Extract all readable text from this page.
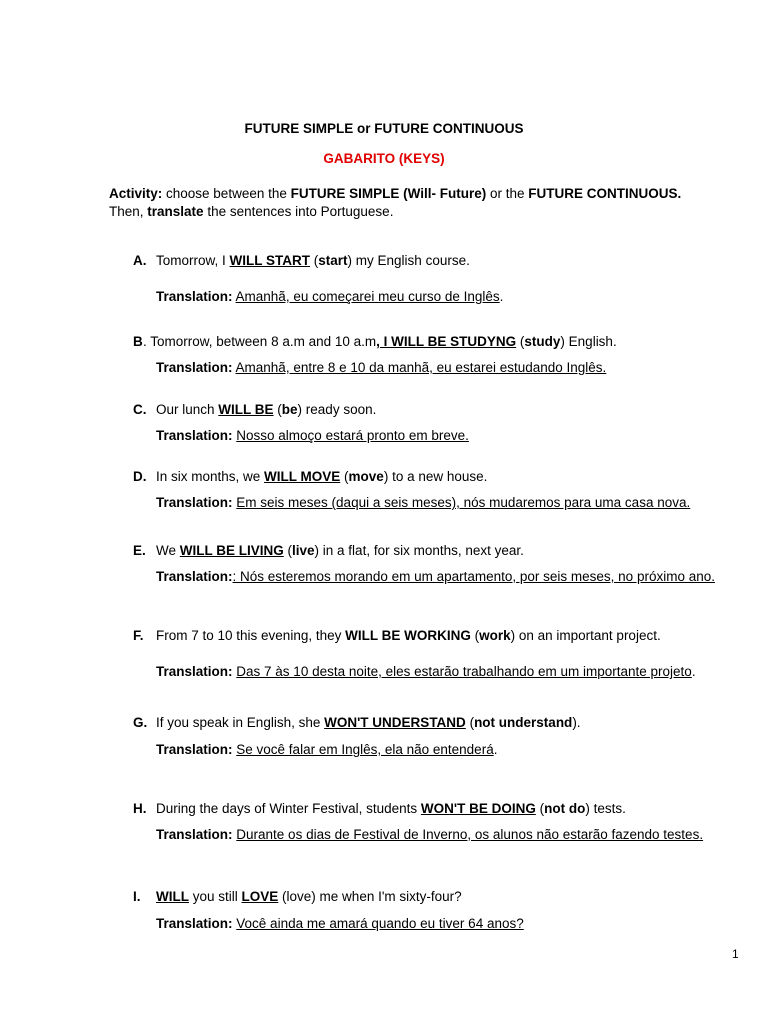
FUTURE SIMPLE or FUTURE CONTINUOUS
GABARITO (KEYS)
Activity: choose between the FUTURE SIMPLE (Will- Future) or the FUTURE CONTINUOUS.
Then, translate the sentences into Portuguese.
A. Tomorrow, I WILL START (start) my English course.
Translation: Amanhã, eu começarei meu curso de Inglês.
B . Tomorrow, between 8 a.m and 10 a.m, I WILL BE STUDYNG (study) English.
Translation: Amanhã, entre 8 e 10 da manhã, eu estarei estudando Inglês.
C. Our lunch WILL BE (be) ready soon.
Translation: Nosso almoço estará pronto em breve.
D. In six months, we WILL MOVE (move) to a new house.
Translation: Em seis meses (daqui a seis meses), nós mudaremos para uma casa nova.
E. We WILL BE LIVING (live) in a flat, for six months, next year.
Translation:: Nós esteremos morando em um apartamento, por seis meses, no próximo ano.
F. From 7 to 10 this evening, they WILL BE WORKING (work) on an important project.
Translation: Das 7 às 10 desta noite, eles estarão trabalhando em um importante projeto.
G. If you speak in English, she WON'T UNDERSTAND (not understand).
Translation: Se você falar em Inglês, ela não entenderá.
H. During the days of Winter Festival, students WON'T BE DOING (not do) tests.
Translation: Durante os dias de Festival de Inverno, os alunos não estarão fazendo testes.
I. WILL you still LOVE (love) me when I'm sixty-four?
Translation: Você ainda me amará quando eu tiver 64 anos?
1
